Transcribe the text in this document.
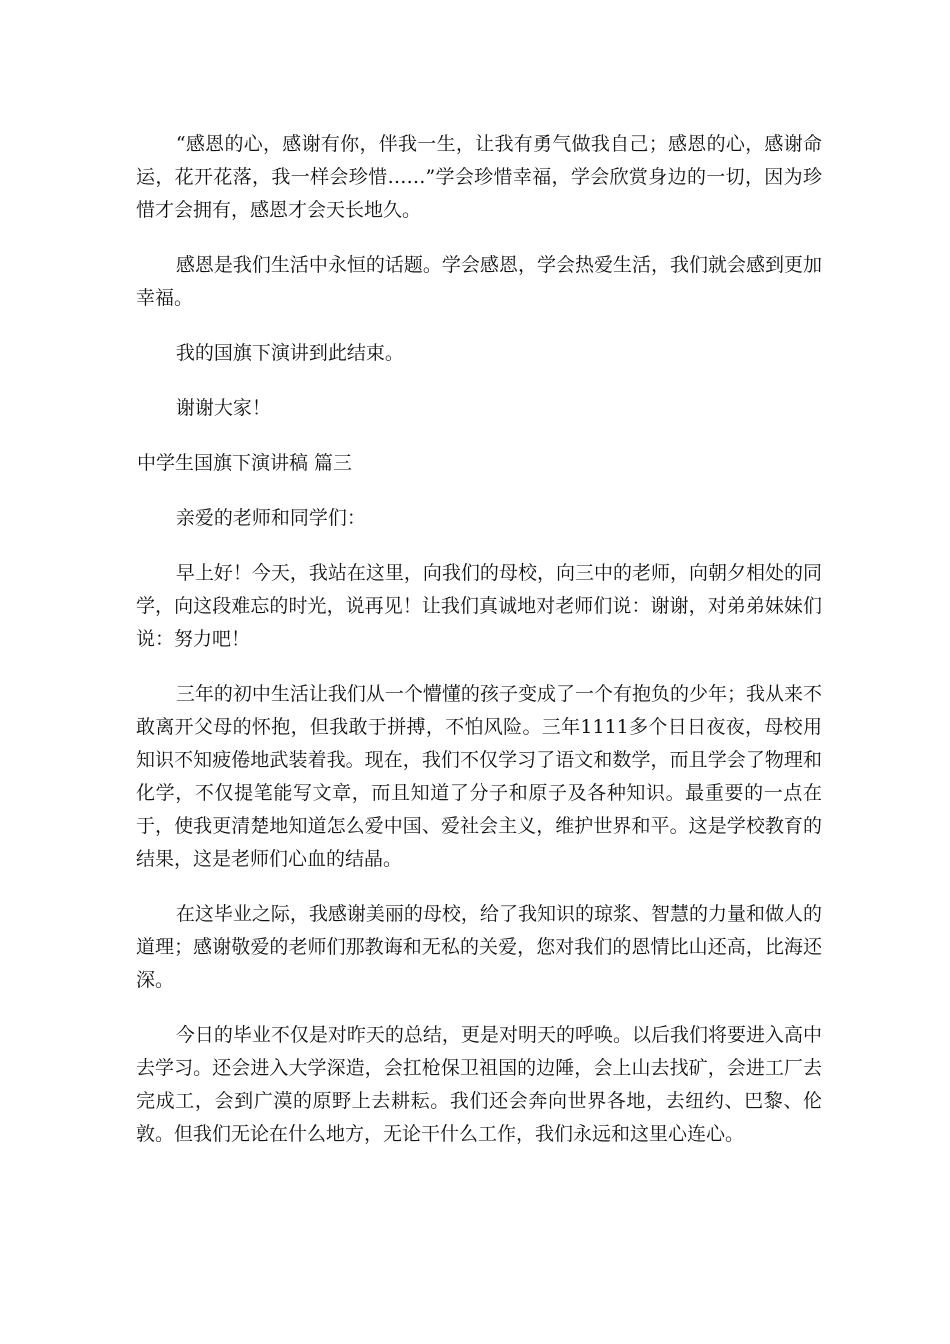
“感恩的心，感谢有你，伴我一生，让我有勇气做我自己；感恩的心，感谢命运，花开花落，我一样会珍惜……”学会珍惜幸福，学会欣赏身边的一切，因为珍惜才会拥有，感恩才会天长地久。

感恩是我们生活中永恒的话题。学会感恩，学会热爱生活，我们就会感到更加幸福。

我的国旗下演讲到此结束。

谢谢大家！

中学生国旗下演讲稿 篇三

亲爱的老师和同学们：

早上好！今天，我站在这里，向我们的母校，向三中的老师，向朝夕相处的同学，向这段难忘的时光，说再见！让我们真诚地对老师们说：谢谢，对弟弟妹妹们说：努力吧！

三年的初中生活让我们从一个懵懂的孩子变成了一个有抱负的少年；我从来不敢离开父母的怀抱，但我敢于拼搏，不怕风险。三年1111多个日日夜夜，母校用知识不知疲倦地武装着我。现在，我们不仅学习了语文和数学，而且学会了物理和化学，不仅提笔能写文章，而且知道了分子和原子及各种知识。最重要的一点在于，使我更清楚地知道怎么爱中国、爱社会主义，维护世界和平。这是学校教育的结果，这是老师们心血的结晶。

在这毕业之际，我感谢美丽的母校，给了我知识的琼浆、智慧的力量和做人的道理；感谢敬爱的老师们那教诲和无私的关爱，您对我们的恩情比山还高，比海还深。

今日的毕业不仅是对昨天的总结，更是对明天的呼唤。以后我们将要进入高中去学习。还会进入大学深造，会扛枪保卫祖国的边陲，会上山去找矿，会进工厂去完成工，会到广漠的原野上去耕耘。我们还会奔向世界各地，去纽约、巴黎、伦敦。但我们无论在什么地方，无论干什么工作，我们永远和这里心连心。
